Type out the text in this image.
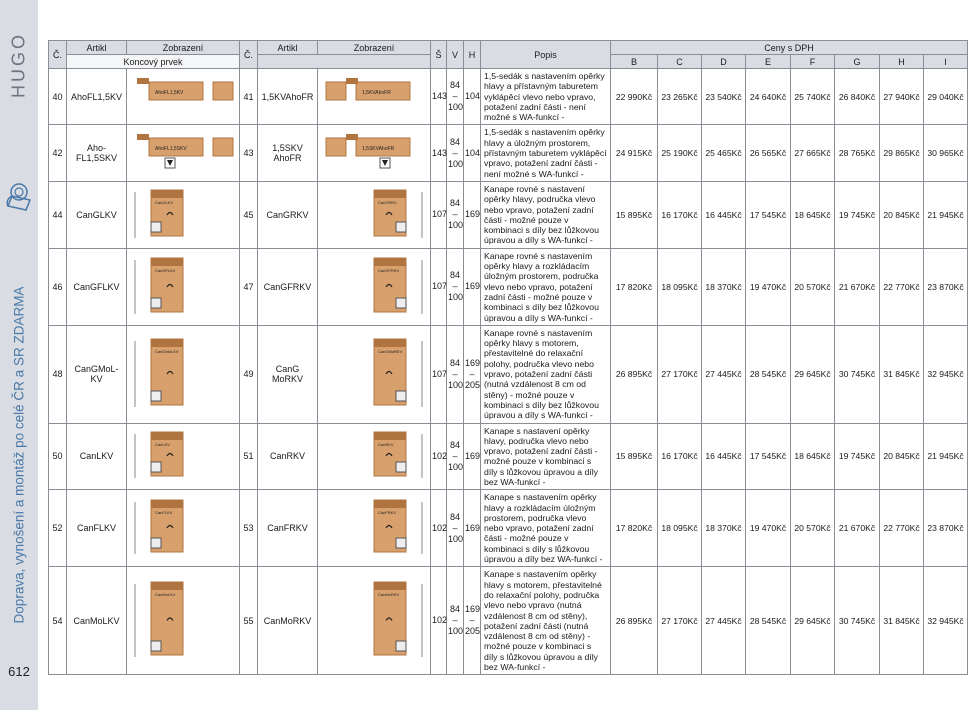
HUGO
Doprava, vynošení a montáž po celé ČR a SR ZDARMA
612
Č.	Artikl	Zobrazení	Č.	Artikl	Zobrazení	Š	V	H	Popis	Ceny s DPH							
	Koncový prvek									B	C	D	E	F	G	H	I
40	AhoFL1,5KV	AhoFL1,5KV	41	1,5KVAhoFR	1,5KVAhoFR	143	84 – 100	104	1,5-sedák s nastavením opěrky hlavy a přístavným taburetem vyklápěcí vlevo nebo vpravo, potažení zadní části - není možné s WA-funkcí -	22 990Kč	23 265Kč	23 540Kč	24 640Kč	25 740Kč	26 840Kč	27 940Kč	29 040Kč
42	Aho- FL1,5SKV	AhoFL1,5SKV	43	1,5SKV AhoFR	1,5SKVAhoFR	143	84 – 100	104	1,5-sedák s nastavením opěrky hlavy a úložným prostorem, přístavným taburetem vyklápěcí vpravo, potažení zadní části - není možné s WA-funkcí -	24 915Kč	25 190Kč	25 465Kč	26 565Kč	27 665Kč	28 765Kč	29 865Kč	30 965Kč
44	CanGLKV	CanGLKV	45	CanGRKV	CanGRKV	107	84 – 100	169	Kanape rovné s nastavení opěrky hlavy, područka vlevo nebo vpravo, potažení zadní části - možné pouze v kombinaci s díly bez lůžkovou úpravou a díly s WA-funkcí -	15 895Kč	16 170Kč	16 445Kč	17 545Kč	18 645Kč	19 745Kč	20 845Kč	21 945Kč
46	CanGFLKV	CanGFLKV	47	CanGFRKV	CanGFRKV	107	84 – 100	169	Kanape rovné s nastavením opěrky hlavy a rozkládacím úložným prostorem, područka vlevo nebo vpravo, potažení zadní části - možné pouze v kombinaci s díly bez lůžkovou úpravou a díly s WA-funkcí -	17 820Kč	18 095Kč	18 370Kč	19 470Kč	20 570Kč	21 670Kč	22 770Kč	23 870Kč
48	CanGMoL- KV	CanGMoLKV	49	CanG MoRKV	CanGMoRKV	107	84 – 100	169 – 205	Kanape rovné s nastavením opěrky hlavy s motorem, přestavitelné do relaxační polohy, područka vlevo nebo vpravo, potažení zadní části (nutná vzdálenost 8 cm od stěny) - možné pouze v kombinaci s díly bez lůžkovou úpravou a díly s WA-funkcí -	26 895Kč	27 170Kč	27 445Kč	28 545Kč	29 645Kč	30 745Kč	31 845Kč	32 945Kč
50	CanLKV	CanLKV	51	CanRKV	CanRKV	102	84 – 100	169	Kanape s nastavení opěrky hlavy, područka vlevo nebo vpravo, potažení zadní části - možné pouze v kombinaci s díly s lůžkovou úpravou a díly bez WA-funkcí -	15 895Kč	16 170Kč	16 445Kč	17 545Kč	18 645Kč	19 745Kč	20 845Kč	21 945Kč
52	CanFLKV	CanFLKV	53	CanFRKV	CanFRKV	102	84 – 100	169	Kanape s nastavením opěrky hlavy a rozkládacím úložným prostorem, područka vlevo nebo vpravo, potažení zadní části - možné pouze v kombinaci s díly s lůžkovou úpravou a díly bez WA-funkcí -	17 820Kč	18 095Kč	18 370Kč	19 470Kč	20 570Kč	21 670Kč	22 770Kč	23 870Kč
54	CanMoLKV	CanMoLKV	55	CanMoRKV	CanMoRKV	102	84 – 100	169 – 205	Kanape s nastavením opěrky hlavy s motorem, přestavitelné do relaxační polohy, područka vlevo nebo vpravo (nutná vzdálenost 8 cm od stěny), potažení zadní části (nutná vzdálenost 8 cm od stěny) - možné pouze v kombinaci s díly s lůžkovou úpravou a díly bez WA-funkcí -	26 895Kč	27 170Kč	27 445Kč	28 545Kč	29 645Kč	30 745Kč	31 845Kč	32 945Kč
